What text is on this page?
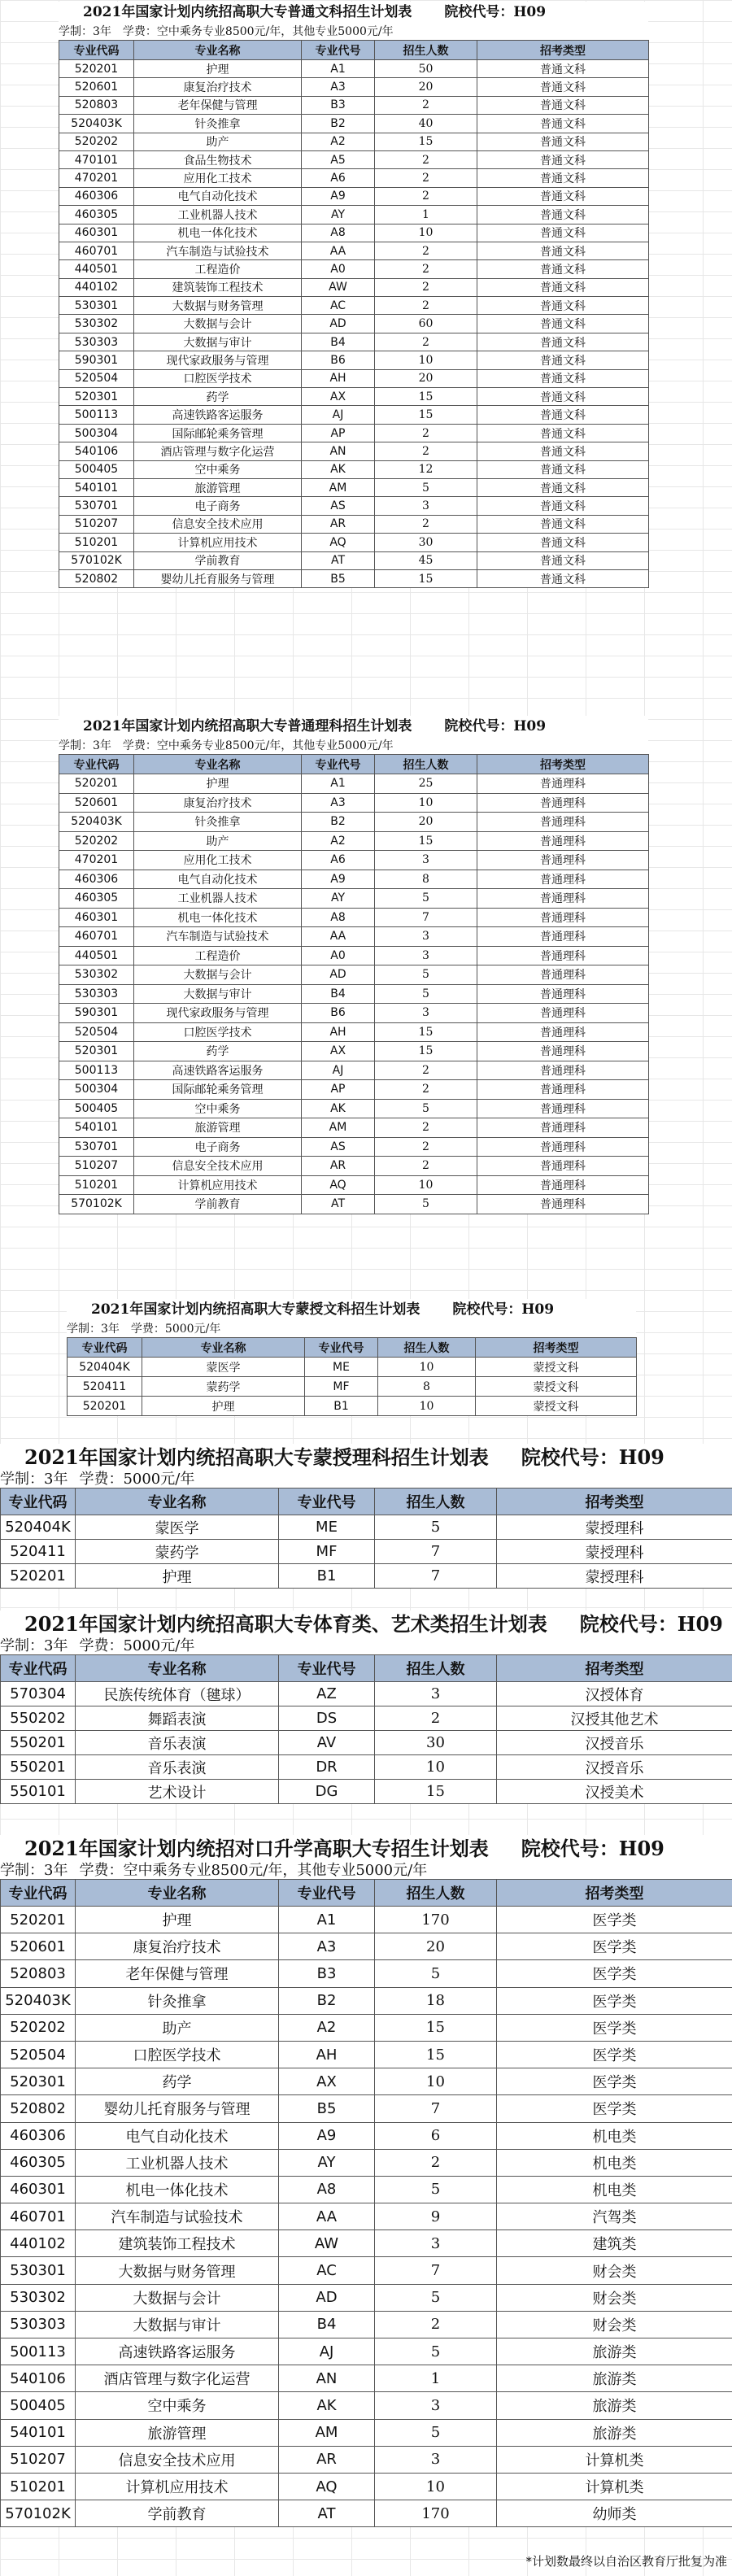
2021年国家计划内统招高职大专普通文科招生计划表 院校代号：H09
学制：3年 学费：空中乘务专业8500元/年，其他专业5000元/年
专业代码	专业名称	专业代号	招生人数	招考类型
520201	护理	A1	50	普通文科
520601	康复治疗技术	A3	20	普通文科
520803	老年保健与管理	B3	2	普通文科
520403K	针灸推拿	B2	40	普通文科
520202	助产	A2	15	普通文科
470101	食品生物技术	A5	2	普通文科
470201	应用化工技术	A6	2	普通文科
460306	电气自动化技术	A9	2	普通文科
460305	工业机器人技术	AY	1	普通文科
460301	机电一体化技术	A8	10	普通文科
460701	汽车制造与试验技术	AA	2	普通文科
440501	工程造价	A0	2	普通文科
440102	建筑装饰工程技术	AW	2	普通文科
530301	大数据与财务管理	AC	2	普通文科
530302	大数据与会计	AD	60	普通文科
530303	大数据与审计	B4	2	普通文科
590301	现代家政服务与管理	B6	10	普通文科
520504	口腔医学技术	AH	20	普通文科
520301	药学	AX	15	普通文科
500113	高速铁路客运服务	AJ	15	普通文科
500304	国际邮轮乘务管理	AP	2	普通文科
540106	酒店管理与数字化运营	AN	2	普通文科
500405	空中乘务	AK	12	普通文科
540101	旅游管理	AM	5	普通文科
530701	电子商务	AS	3	普通文科
510207	信息安全技术应用	AR	2	普通文科
510201	计算机应用技术	AQ	30	普通文科
570102K	学前教育	AT	45	普通文科
520802	婴幼儿托育服务与管理	B5	15	普通文科
2021年国家计划内统招高职大专普通理科招生计划表 院校代号：H09
学制：3年 学费：空中乘务专业8500元/年，其他专业5000元/年
专业代码	专业名称	专业代号	招生人数	招考类型
520201	护理	A1	25	普通理科
520601	康复治疗技术	A3	10	普通理科
520403K	针灸推拿	B2	20	普通理科
520202	助产	A2	15	普通理科
470201	应用化工技术	A6	3	普通理科
460306	电气自动化技术	A9	8	普通理科
460305	工业机器人技术	AY	5	普通理科
460301	机电一体化技术	A8	7	普通理科
460701	汽车制造与试验技术	AA	3	普通理科
440501	工程造价	A0	3	普通理科
530302	大数据与会计	AD	5	普通理科
530303	大数据与审计	B4	5	普通理科
590301	现代家政服务与管理	B6	3	普通理科
520504	口腔医学技术	AH	15	普通理科
520301	药学	AX	15	普通理科
500113	高速铁路客运服务	AJ	2	普通理科
500304	国际邮轮乘务管理	AP	2	普通理科
500405	空中乘务	AK	5	普通理科
540101	旅游管理	AM	2	普通理科
530701	电子商务	AS	2	普通理科
510207	信息安全技术应用	AR	2	普通理科
510201	计算机应用技术	AQ	10	普通理科
570102K	学前教育	AT	5	普通理科
2021年国家计划内统招高职大专蒙授文科招生计划表 院校代号：H09
学制：3年 学费：5000元/年
专业代码	专业名称	专业代号	招生人数	招考类型
520404K	蒙医学	ME	10	蒙授文科
520411	蒙药学	MF	8	蒙授文科
520201	护理	B1	10	蒙授文科
2021年国家计划内统招高职大专蒙授理科招生计划表 院校代号：H09
学制：3年 学费：5000元/年
专业代码	专业名称	专业代号	招生人数	招考类型
520404K	蒙医学	ME	5	蒙授理科
520411	蒙药学	MF	7	蒙授理科
520201	护理	B1	7	蒙授理科
2021年国家计划内统招高职大专体育类、艺术类招生计划表 院校代号：H09
学制：3年 学费：5000元/年
专业代码	专业名称	专业代号	招生人数	招考类型
570304	民族传统体育（毽球）	AZ	3	汉授体育
550202	舞蹈表演	DS	2	汉授其他艺术
550201	音乐表演	AV	30	汉授音乐
550201	音乐表演	DR	10	汉授音乐
550101	艺术设计	DG	15	汉授美术
2021年国家计划内统招对口升学高职大专招生计划表 院校代号：H09
学制：3年 学费：空中乘务专业8500元/年，其他专业5000元/年
专业代码	专业名称	专业代号	招生人数	招考类型
520201	护理	A1	170	医学类
520601	康复治疗技术	A3	20	医学类
520803	老年保健与管理	B3	5	医学类
520403K	针灸推拿	B2	18	医学类
520202	助产	A2	15	医学类
520504	口腔医学技术	AH	15	医学类
520301	药学	AX	10	医学类
520802	婴幼儿托育服务与管理	B5	7	医学类
460306	电气自动化技术	A9	6	机电类
460305	工业机器人技术	AY	2	机电类
460301	机电一体化技术	A8	5	机电类
460701	汽车制造与试验技术	AA	9	汽驾类
440102	建筑装饰工程技术	AW	3	建筑类
530301	大数据与财务管理	AC	7	财会类
530302	大数据与会计	AD	5	财会类
530303	大数据与审计	B4	2	财会类
500113	高速铁路客运服务	AJ	5	旅游类
540106	酒店管理与数字化运营	AN	1	旅游类
500405	空中乘务	AK	3	旅游类
540101	旅游管理	AM	5	旅游类
510207	信息安全技术应用	AR	3	计算机类
510201	计算机应用技术	AQ	10	计算机类
570102K	学前教育	AT	170	幼师类
*计划数最终以自治区教育厅批复为准
